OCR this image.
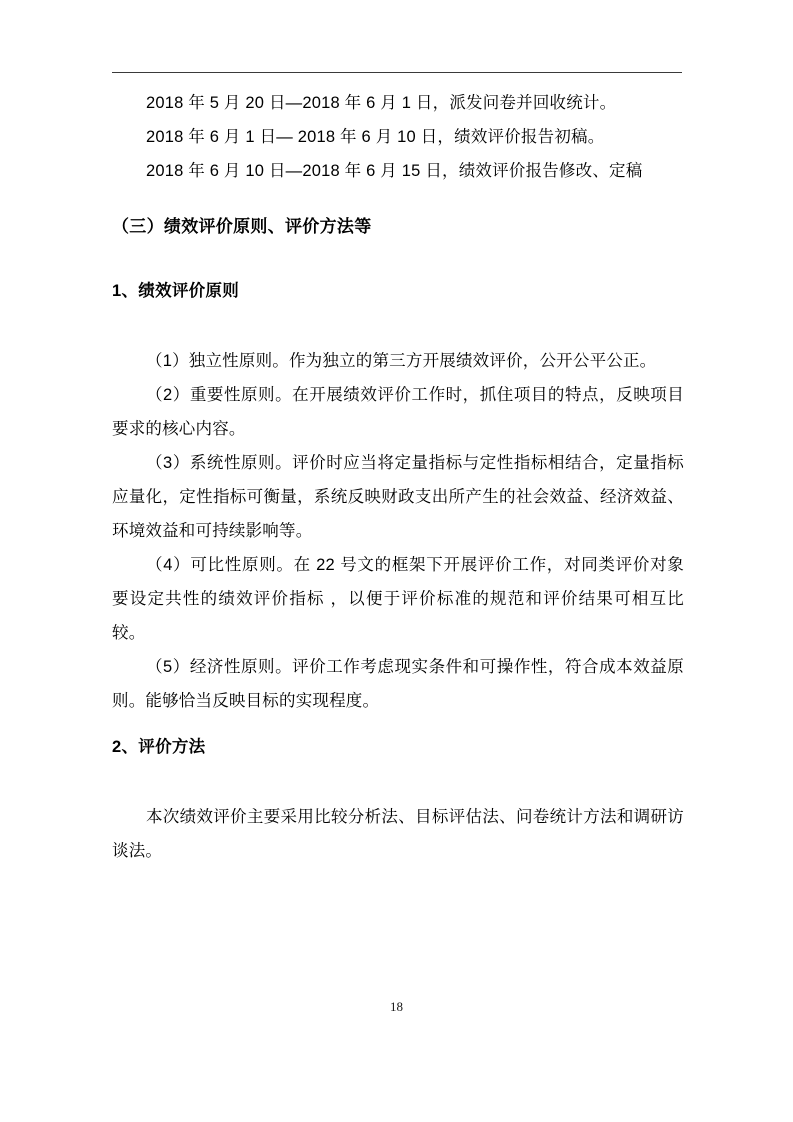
2018 年 5 月 20 日—2018 年 6 月 1 日，派发问卷并回收统计。

2018 年 6 月 1 日— 2018 年 6 月 10 日，绩效评价报告初稿。

2018 年 6 月 10 日—2018 年 6 月 15 日，绩效评价报告修改、定稿

（三）绩效评价原则、评价方法等

1、绩效评价原则

（1）独立性原则。作为独立的第三方开展绩效评价，公开公平公正。

（2）重要性原则。在开展绩效评价工作时，抓住项目的特点，反映项目要求的核心内容。

（3）系统性原则。评价时应当将定量指标与定性指标相结合，定量指标应量化，定性指标可衡量，系统反映财政支出所产生的社会效益、经济效益、环境效益和可持续影响等。

（4）可比性原则。在 22 号文的框架下开展评价工作，对同类评价对象要设定共性的绩效评价指标 ，以便于评价标准的规范和评价结果可相互比较。

（5）经济性原则。评价工作考虑现实条件和可操作性，符合成本效益原则。能够恰当反映目标的实现程度。

2、评价方法

本次绩效评价主要采用比较分析法、目标评估法、问卷统计方法和调研访谈法。

18
